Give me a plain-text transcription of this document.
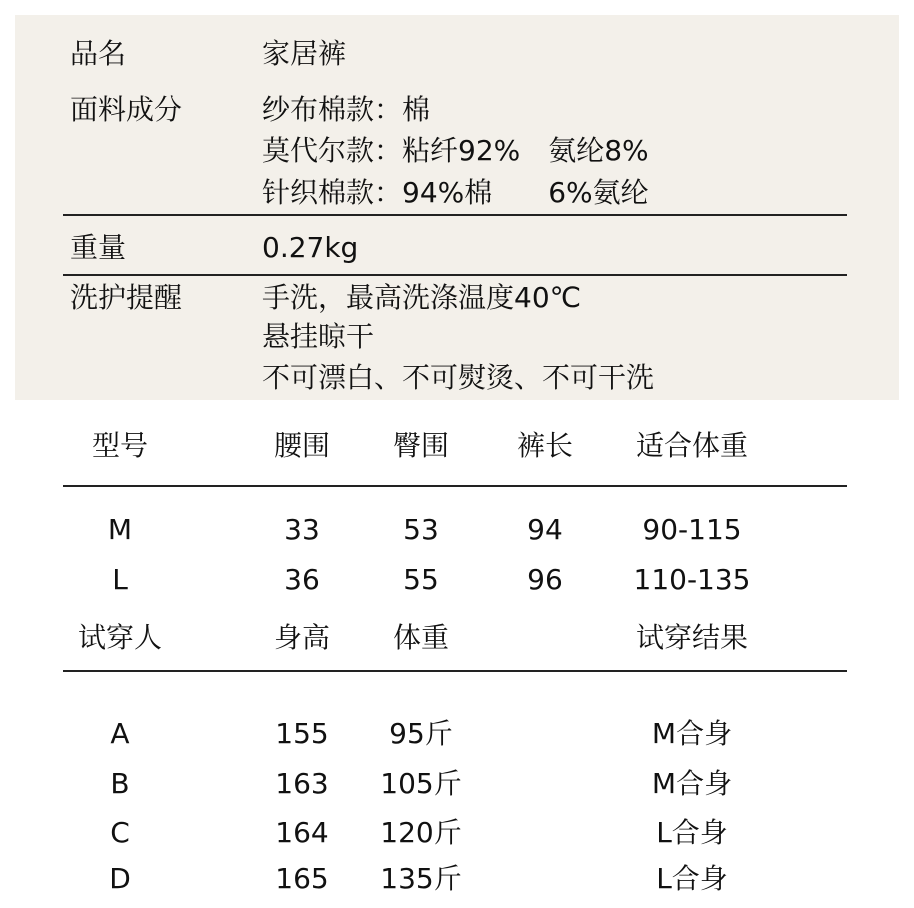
品名	家居裤
面料成分	纱布棉款：棉
莫代尔款：粘纤92%　氨纶8%
针织棉款：94%棉　　6%氨纶
重量	0.27kg
洗护提醒	手洗，最高洗涤温度40℃
悬挂晾干
不可漂白、不可熨烫、不可干洗
型号	腰围 臀围 裤长 适合体重
M	33	53	94	90-115
L	36	55	96	110-135
试穿人	身高 体重	试穿结果
A	155 95斤	M合身
B	163 105斤	M合身
C	164 120斤	L合身
D	165 135斤	L合身
